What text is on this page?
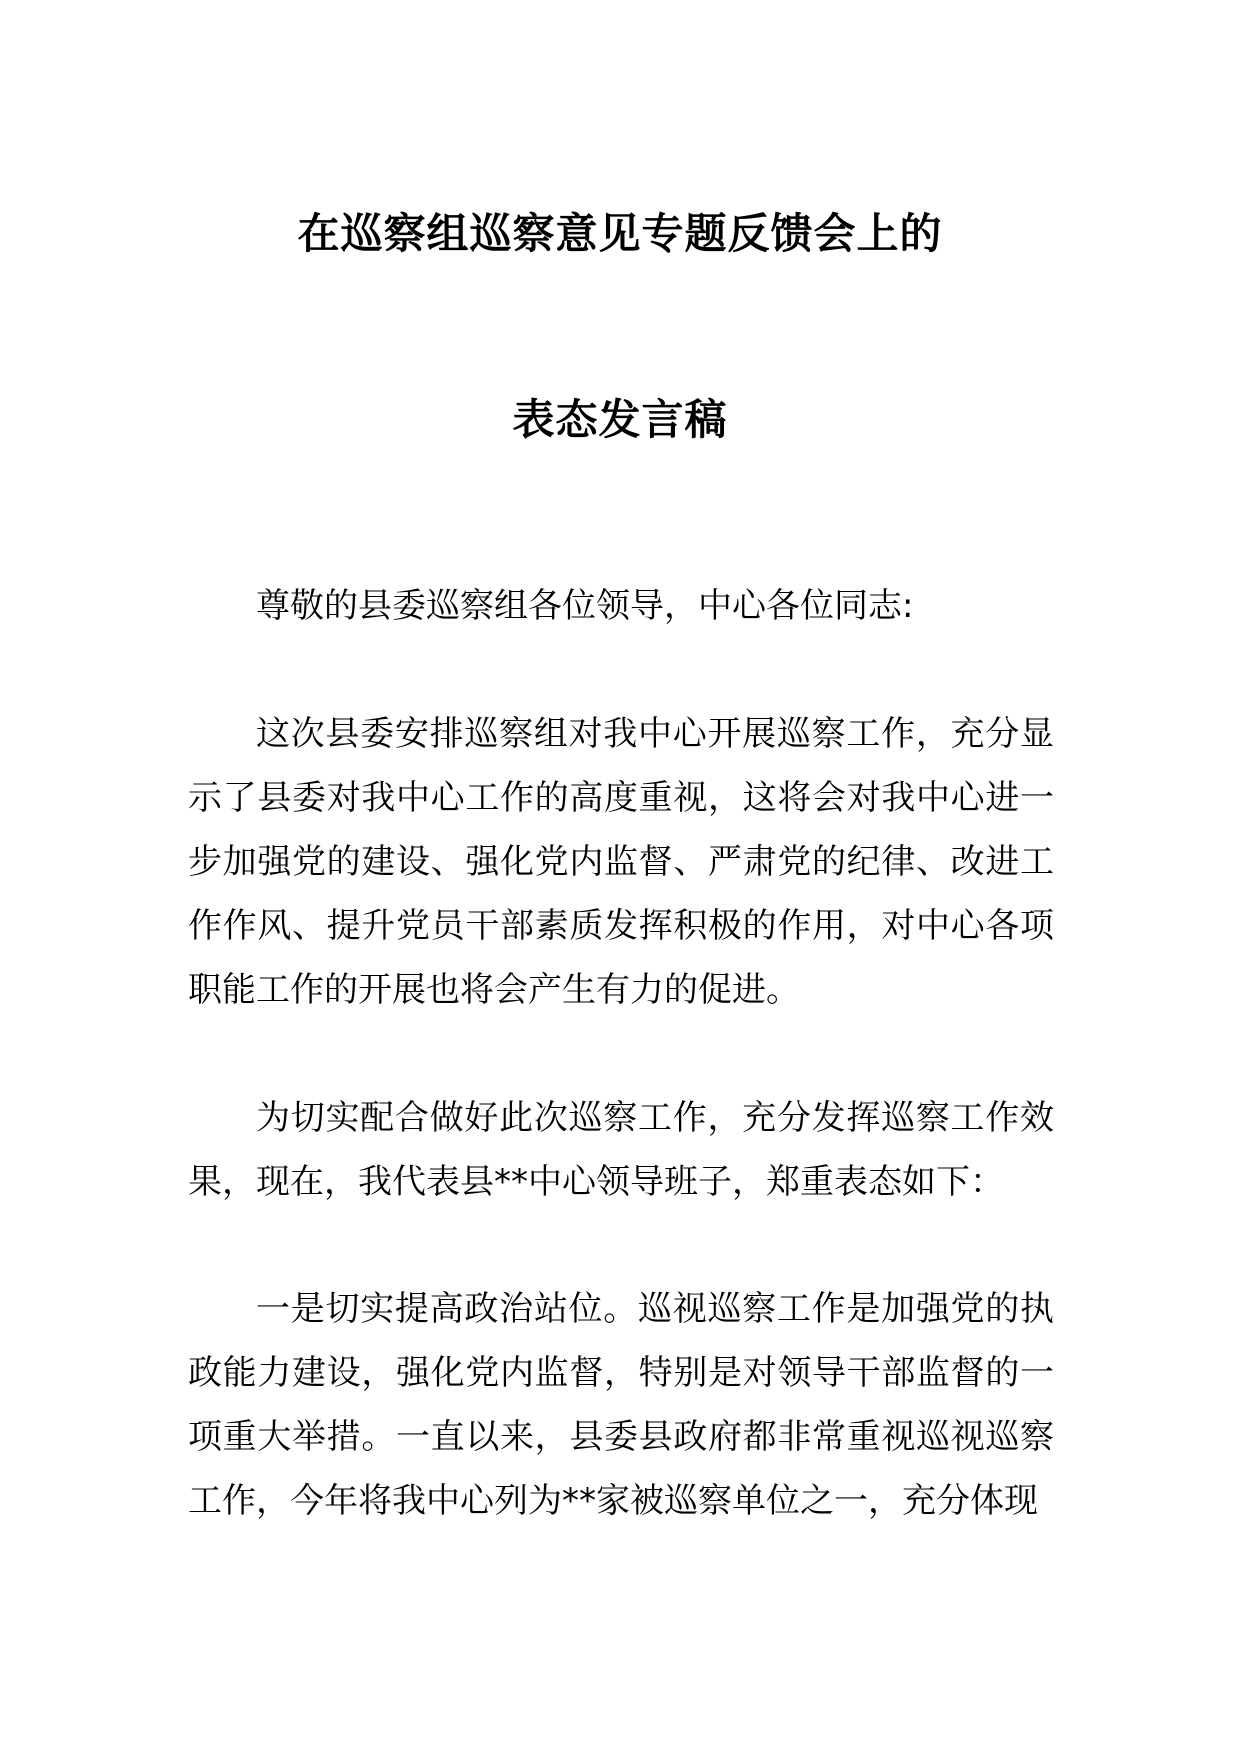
在巡察组巡察意见专题反馈会上的
表态发言稿

尊敬的县委巡察组各位领导，中心各位同志:

这次县委安排巡察组对我中心开展巡察工作，充分显示了县委对我中心工作的高度重视，这将会对我中心进一步加强党的建设、强化党内监督、严肃党的纪律、改进工作作风、提升党员干部素质发挥积极的作用，对中心各项职能工作的开展也将会产生有力的促进。

为切实配合做好此次巡察工作，充分发挥巡察工作效果，现在，我代表县**中心领导班子，郑重表态如下：

一是切实提高政治站位。巡视巡察工作是加强党的执政能力建设，强化党内监督，特别是对领导干部监督的一项重大举措。一直以来，县委县政府都非常重视巡视巡察工作，今年将我中心列为**家被巡察单位之一，充分体现
